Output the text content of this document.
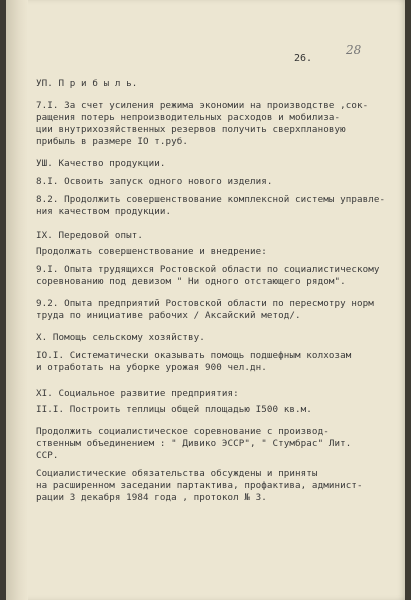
26.
28
УП. П р и б ы л ь.
7.I. За счет усиления режима экономии на производстве ,сок-
ращения потерь непроизводительных расходов и мобилиза-
ции внутрихозяйственных резервов получить сверхплановую
прибыль в размере IO т.руб.
УШ. Качество продукции.
8.I. Освоить запуск одного нового изделия.
8.2. Продолжить совершенствование комплексной системы управле-
ния качеством продукции.
IX. Передовой опыт.
Продолжать совершенствование и внедрение:
9.I. Опыта трудящихся Ростовской области по социалистическому
соревнованию под девизом " Ни одного отстающего рядом".
9.2. Опыта предприятий Ростовской области по пересмотру норм
труда по инициативе рабочих / Аксайский метод/.
Х. Помощь сельскому хозяйству.
IO.I. Систематически оказывать помощь подшефным колхозам
и отработать на уборке урожая 900 чел.дн.
XI. Социальное развитие предприятия:
II.I. Построить теплицы общей площадью I500 кв.м.
Продолжить социалистическое соревнование с производ-
ственным объединением : " Дивико ЭССР", " Стумбрас" Лит.
ССР.
Социалистические обязательства обсуждены и приняты
на расширенном заседании партактива, профактива, админист-
рации 3 декабря 1984 года , протокол № 3.
